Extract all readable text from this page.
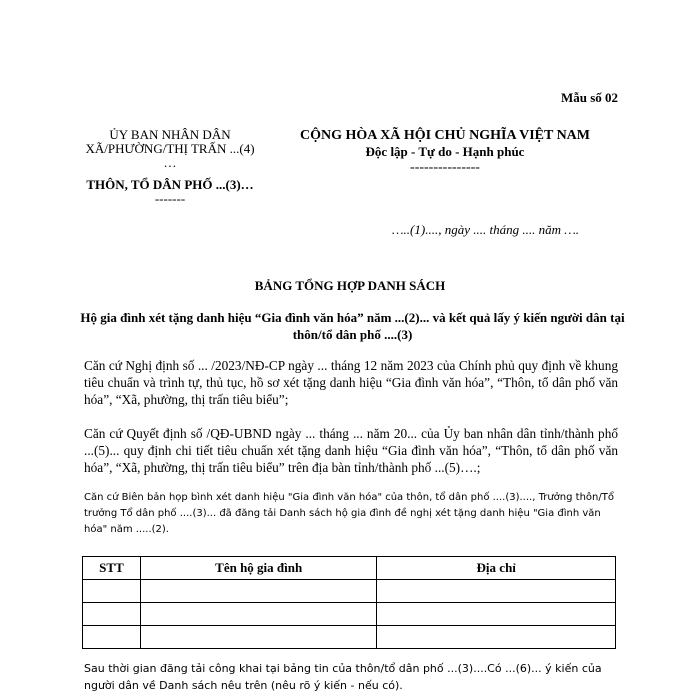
Mẫu số 02
ỦY BAN NHÂN DÂN
XÃ/PHƯỜNG/THỊ TRẤN ...(4)
…
THÔN, TỔ DÂN PHỐ ...(3)…
-------
CỘNG HÒA XÃ HỘI CHỦ NGHĨA VIỆT NAM
Độc lập - Tự do - Hạnh phúc
---------------
…..(1)...., ngày .... tháng .... năm ….
BẢNG TỔNG HỢP DANH SÁCH
Hộ gia đình xét tặng danh hiệu “Gia đình văn hóa” năm ...(2)... và kết quả lấy ý kiến người dân tại thôn/tổ dân phố ....(3)
Căn cứ Nghị định số ... /2023/NĐ-CP ngày ... tháng 12 năm 2023 của Chính phủ quy định về khung tiêu chuẩn và trình tự, thủ tục, hồ sơ xét tặng danh hiệu “Gia đình văn hóa”, “Thôn, tổ dân phố văn hóa”, “Xã, phường, thị trấn tiêu biểu”;
Căn cứ Quyết định số /QĐ-UBND ngày ... tháng ... năm 20... của Ủy ban nhân dân tỉnh/thành phố ...(5)... quy định chi tiết tiêu chuẩn xét tặng danh hiệu “Gia đình văn hóa”, “Thôn, tổ dân phố văn hóa”, “Xã, phường, thị trấn tiêu biểu” trên địa bàn tỉnh/thành phố ...(5)….;
Căn cứ Biên bản họp bình xét danh hiệu "Gia đình văn hóa" của thôn, tổ dân phố ....(3)...., Trưởng thôn/Tổ trưởng Tổ dân phố ....(3)... đã đăng tải Danh sách hộ gia đình đề nghị xét tặng danh hiệu "Gia đình văn hóa" năm .....(2).
STT	Tên hộ gia đình	Địa chỉ

Sau thời gian đăng tải công khai tại bảng tin của thôn/tổ dân phố ...(3)....Có ...(6)... ý kiến của người dân về Danh sách nêu trên (nêu rõ ý kiến - nếu có).
